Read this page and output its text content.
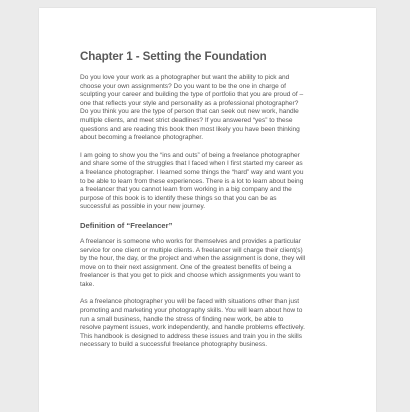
Chapter 1 - Setting the Foundation

Do you love your work as a photographer but want the ability to pick and
choose your own assignments? Do you want to be the one in charge of
sculpting your career and building the type of portfolio that you are proud of –
one that reflects your style and personality as a professional photographer?
Do you think you are the type of person that can seek out new work, handle
multiple clients, and meet strict deadlines? If you answered “yes” to these
questions and are reading this book then most likely you have been thinking
about becoming a freelance photographer.

I am going to show you the “ins and outs” of being a freelance photographer
and share some of the struggles that I faced when I first started my career as
a freelance photographer. I learned some things the “hard” way and want you
to be able to learn from these experiences. There is a lot to learn about being
a freelancer that you cannot learn from working in a big company and the
purpose of this book is to identify these things so that you can be as
successful as possible in your new journey.

Definition of “Freelancer”

A freelancer is someone who works for themselves and provides a particular
service for one client or multiple clients. A freelancer will charge their client(s)
by the hour, the day, or the project and when the assignment is done, they will
move on to their next assignment. One of the greatest benefits of being a
freelancer is that you get to pick and choose which assignments you want to
take.

As a freelance photographer you will be faced with situations other than just
promoting and marketing your photography skills. You will learn about how to
run a small business, handle the stress of finding new work, be able to
resolve payment issues, work independently, and handle problems effectively.
This handbook is designed to address these issues and train you in the skills
necessary to build a successful freelance photography business.
